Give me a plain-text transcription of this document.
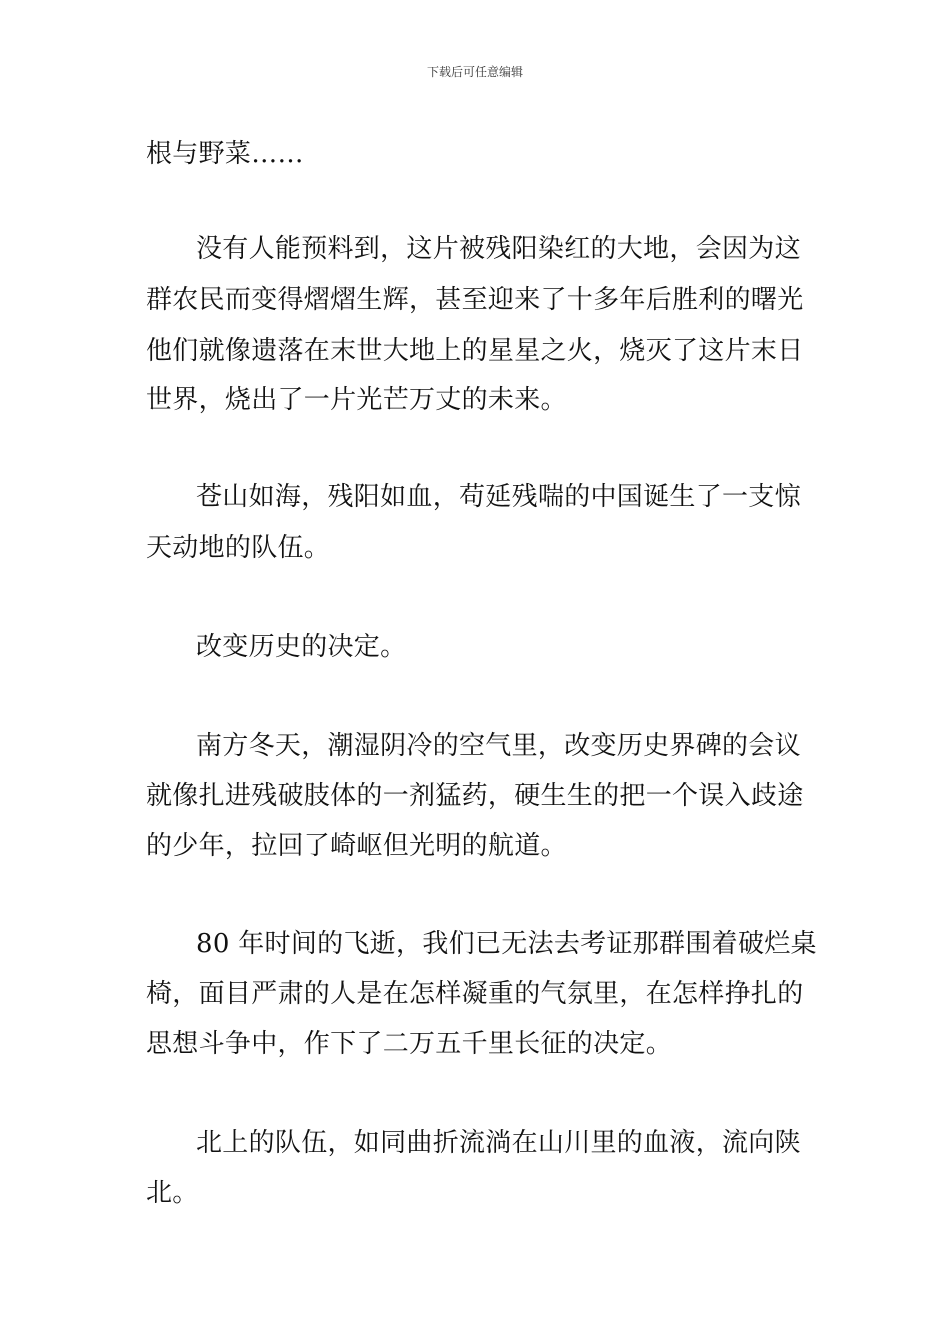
下载后可任意编辑
根与野菜……
没有人能预料到，这片被残阳染红的大地，会因为这
群农民而变得熠熠生辉，甚至迎来了十多年后胜利的曙光
他们就像遗落在末世大地上的星星之火，烧灭了这片末日
世界，烧出了一片光芒万丈的未来。
苍山如海，残阳如血，苟延残喘的中国诞生了一支惊
天动地的队伍。
改变历史的决定。
南方冬天，潮湿阴冷的空气里，改变历史界碑的会议
就像扎进残破肢体的一剂猛药，硬生生的把一个误入歧途
的少年，拉回了崎岖但光明的航道。
80 年时间的飞逝，我们已无法去考证那群围着破烂桌
椅，面目严肃的人是在怎样凝重的气氛里，在怎样挣扎的
思想斗争中，作下了二万五千里长征的决定。
北上的队伍，如同曲折流淌在山川里的血液，流向陕
北。
